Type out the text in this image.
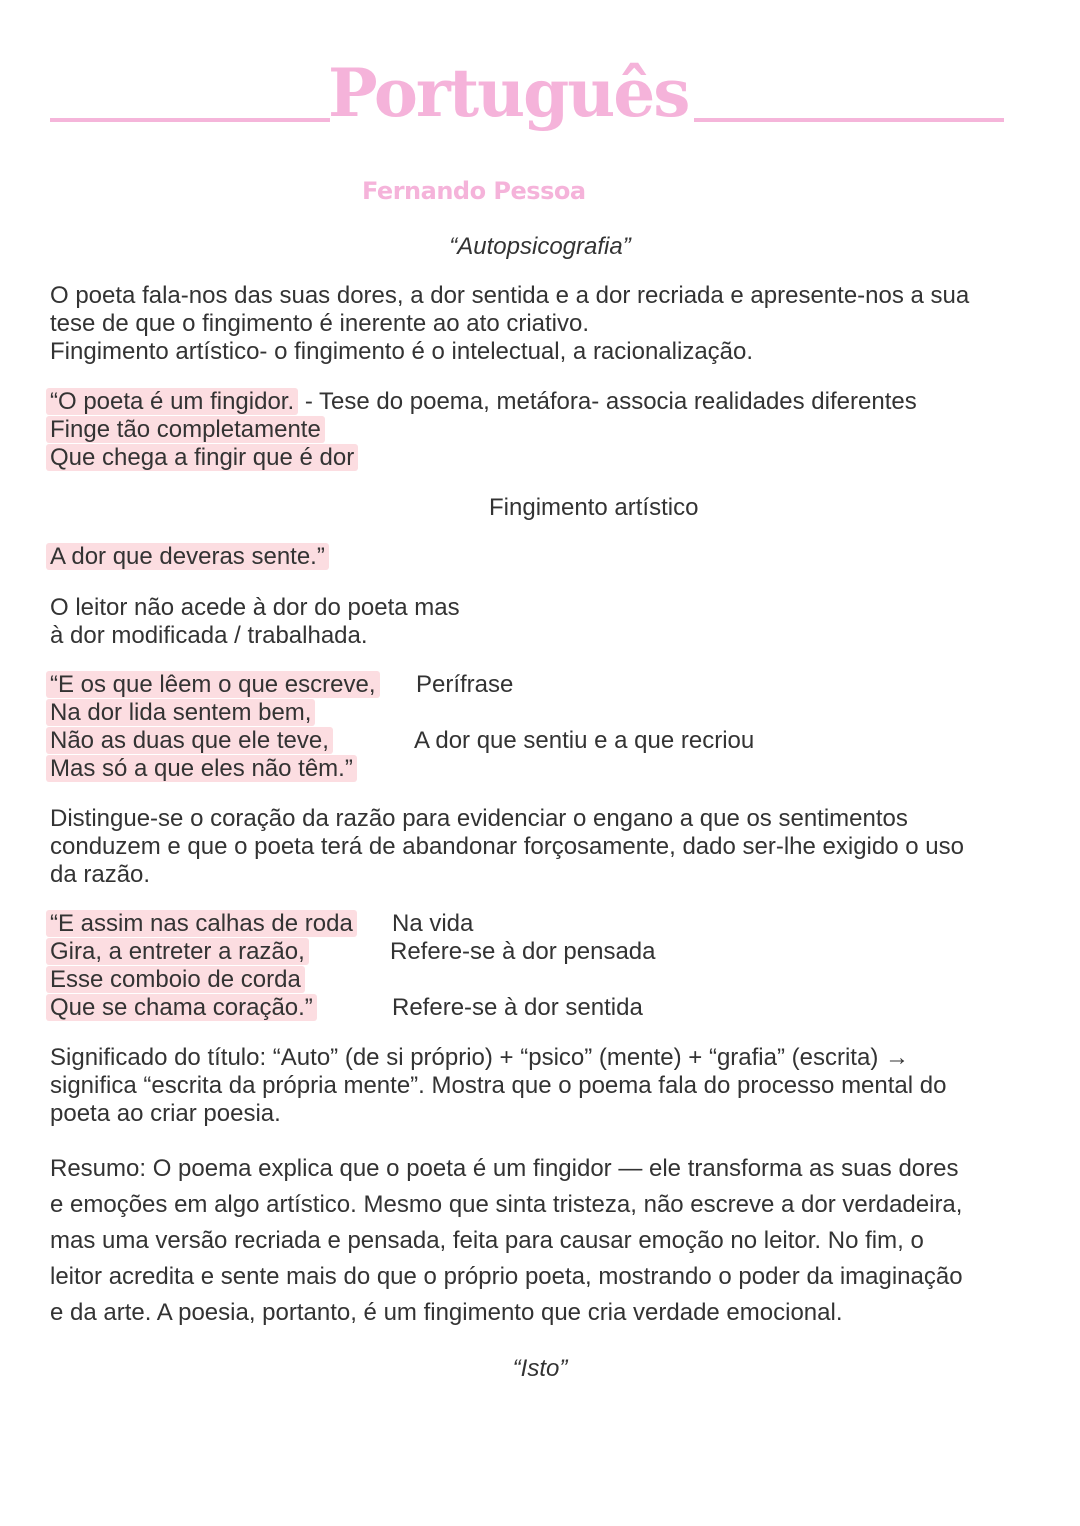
Português
Fernando Pessoa
“Autopsicografia”
O poeta fala-nos das suas dores, a dor sentida e a dor recriada e apresente-nos a sua
tese de que o fingimento é inerente ao ato criativo.
Fingimento artístico- o fingimento é o intelectual, a racionalização.
“O poeta é um fingidor. - Tese do poema, metáfora- associa realidades diferentes
Finge tão completamente
Que chega a fingir que é dor
Fingimento artístico
A dor que deveras sente.”
O leitor não acede à dor do poeta mas
à dor modificada / trabalhada.
“E os que lêem o que escreve,
Na dor lida sentem bem,
Não as duas que ele teve,
Mas só a que eles não têm.”
Perífrase
A dor que sentiu e a que recriou
Distingue-se o coração da razão para evidenciar o engano a que os sentimentos
conduzem e que o poeta terá de abandonar forçosamente, dado ser-lhe exigido o uso
da razão.
“E assim nas calhas de roda
Gira, a entreter a razão,
Esse comboio de corda
Que se chama coração.”
Na vida
Refere-se à dor pensada
Refere-se à dor sentida
Significado do título: “Auto” (de si próprio) + “psico” (mente) + “grafia” (escrita) →
significa “escrita da própria mente”. Mostra que o poema fala do processo mental do
poeta ao criar poesia.
Resumo: O poema explica que o poeta é um fingidor — ele transforma as suas dores
e emoções em algo artístico. Mesmo que sinta tristeza, não escreve a dor verdadeira,
mas uma versão recriada e pensada, feita para causar emoção no leitor. No fim, o
leitor acredita e sente mais do que o próprio poeta, mostrando o poder da imaginação
e da arte. A poesia, portanto, é um fingimento que cria verdade emocional.
“Isto”
